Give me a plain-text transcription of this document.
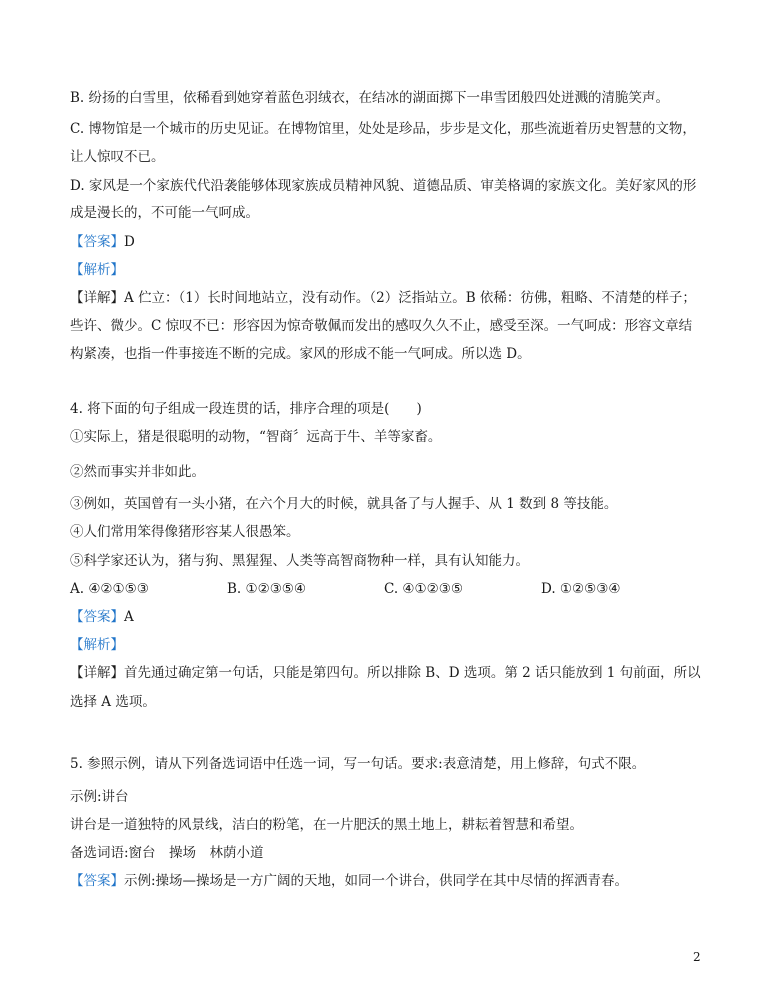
B. 纷扬的白雪里，依稀看到她穿着蓝色羽绒衣，在结冰的湖面掷下一串雪团般四处迸溅的清脆笑声。
C. 博物馆是一个城市的历史见证。在博物馆里，处处是珍品，步步是文化，那些流逝着历史智慧的文物，
让人惊叹不已。
D. 家风是一个家族代代沿袭能够体现家族成员精神风貌、道德品质、审美格调的家族文化。美好家风的形
成是漫长的，不可能一气呵成。
【答案】D
【解析】
【详解】A 伫立：（1）长时间地站立，没有动作。（2）泛指站立。B 依稀：彷佛，粗略、不清楚的样子；
些许、微少。C 惊叹不已：形容因为惊奇敬佩而发出的感叹久久不止，感受至深。一气呵成：形容文章结
构紧凑，也指一件事接连不断的完成。家风的形成不能一气呵成。所以选 D。
4. 将下面的句子组成一段连贯的话，排序合理的项是(　　)
①实际上，猪是很聪明的动物，“智商〞远高于牛、羊等家畜。
②然而事实并非如此。
③例如，英国曾有一头小猪，在六个月大的时候，就具备了与人握手、从 1 数到 8 等技能。
④人们常用笨得像猪形容某人很愚笨。
⑤科学家还认为，猪与狗、黑猩猩、人类等高智商物种一样，具有认知能力。
A. ④②①⑤③	B. ①②③⑤④	C. ④①②③⑤	D. ①②⑤③④
【答案】A
【解析】
【详解】首先通过确定第一句话，只能是第四句。所以排除 B、D 选项。第 2 话只能放到 1 句前面，所以
选择 A 选项。
5. 参照示例，请从下列备选词语中任选一词，写一句话。要求:表意清楚，用上修辞，句式不限。
示例:讲台
讲台是一道独特的风景线，洁白的粉笔，在一片肥沃的黑土地上，耕耘着智慧和希望。
备选词语:窗台　操场　林荫小道
【答案】示例:操场—操场是一方广阔的天地，如同一个讲台，供同学在其中尽情的挥洒青春。
2
